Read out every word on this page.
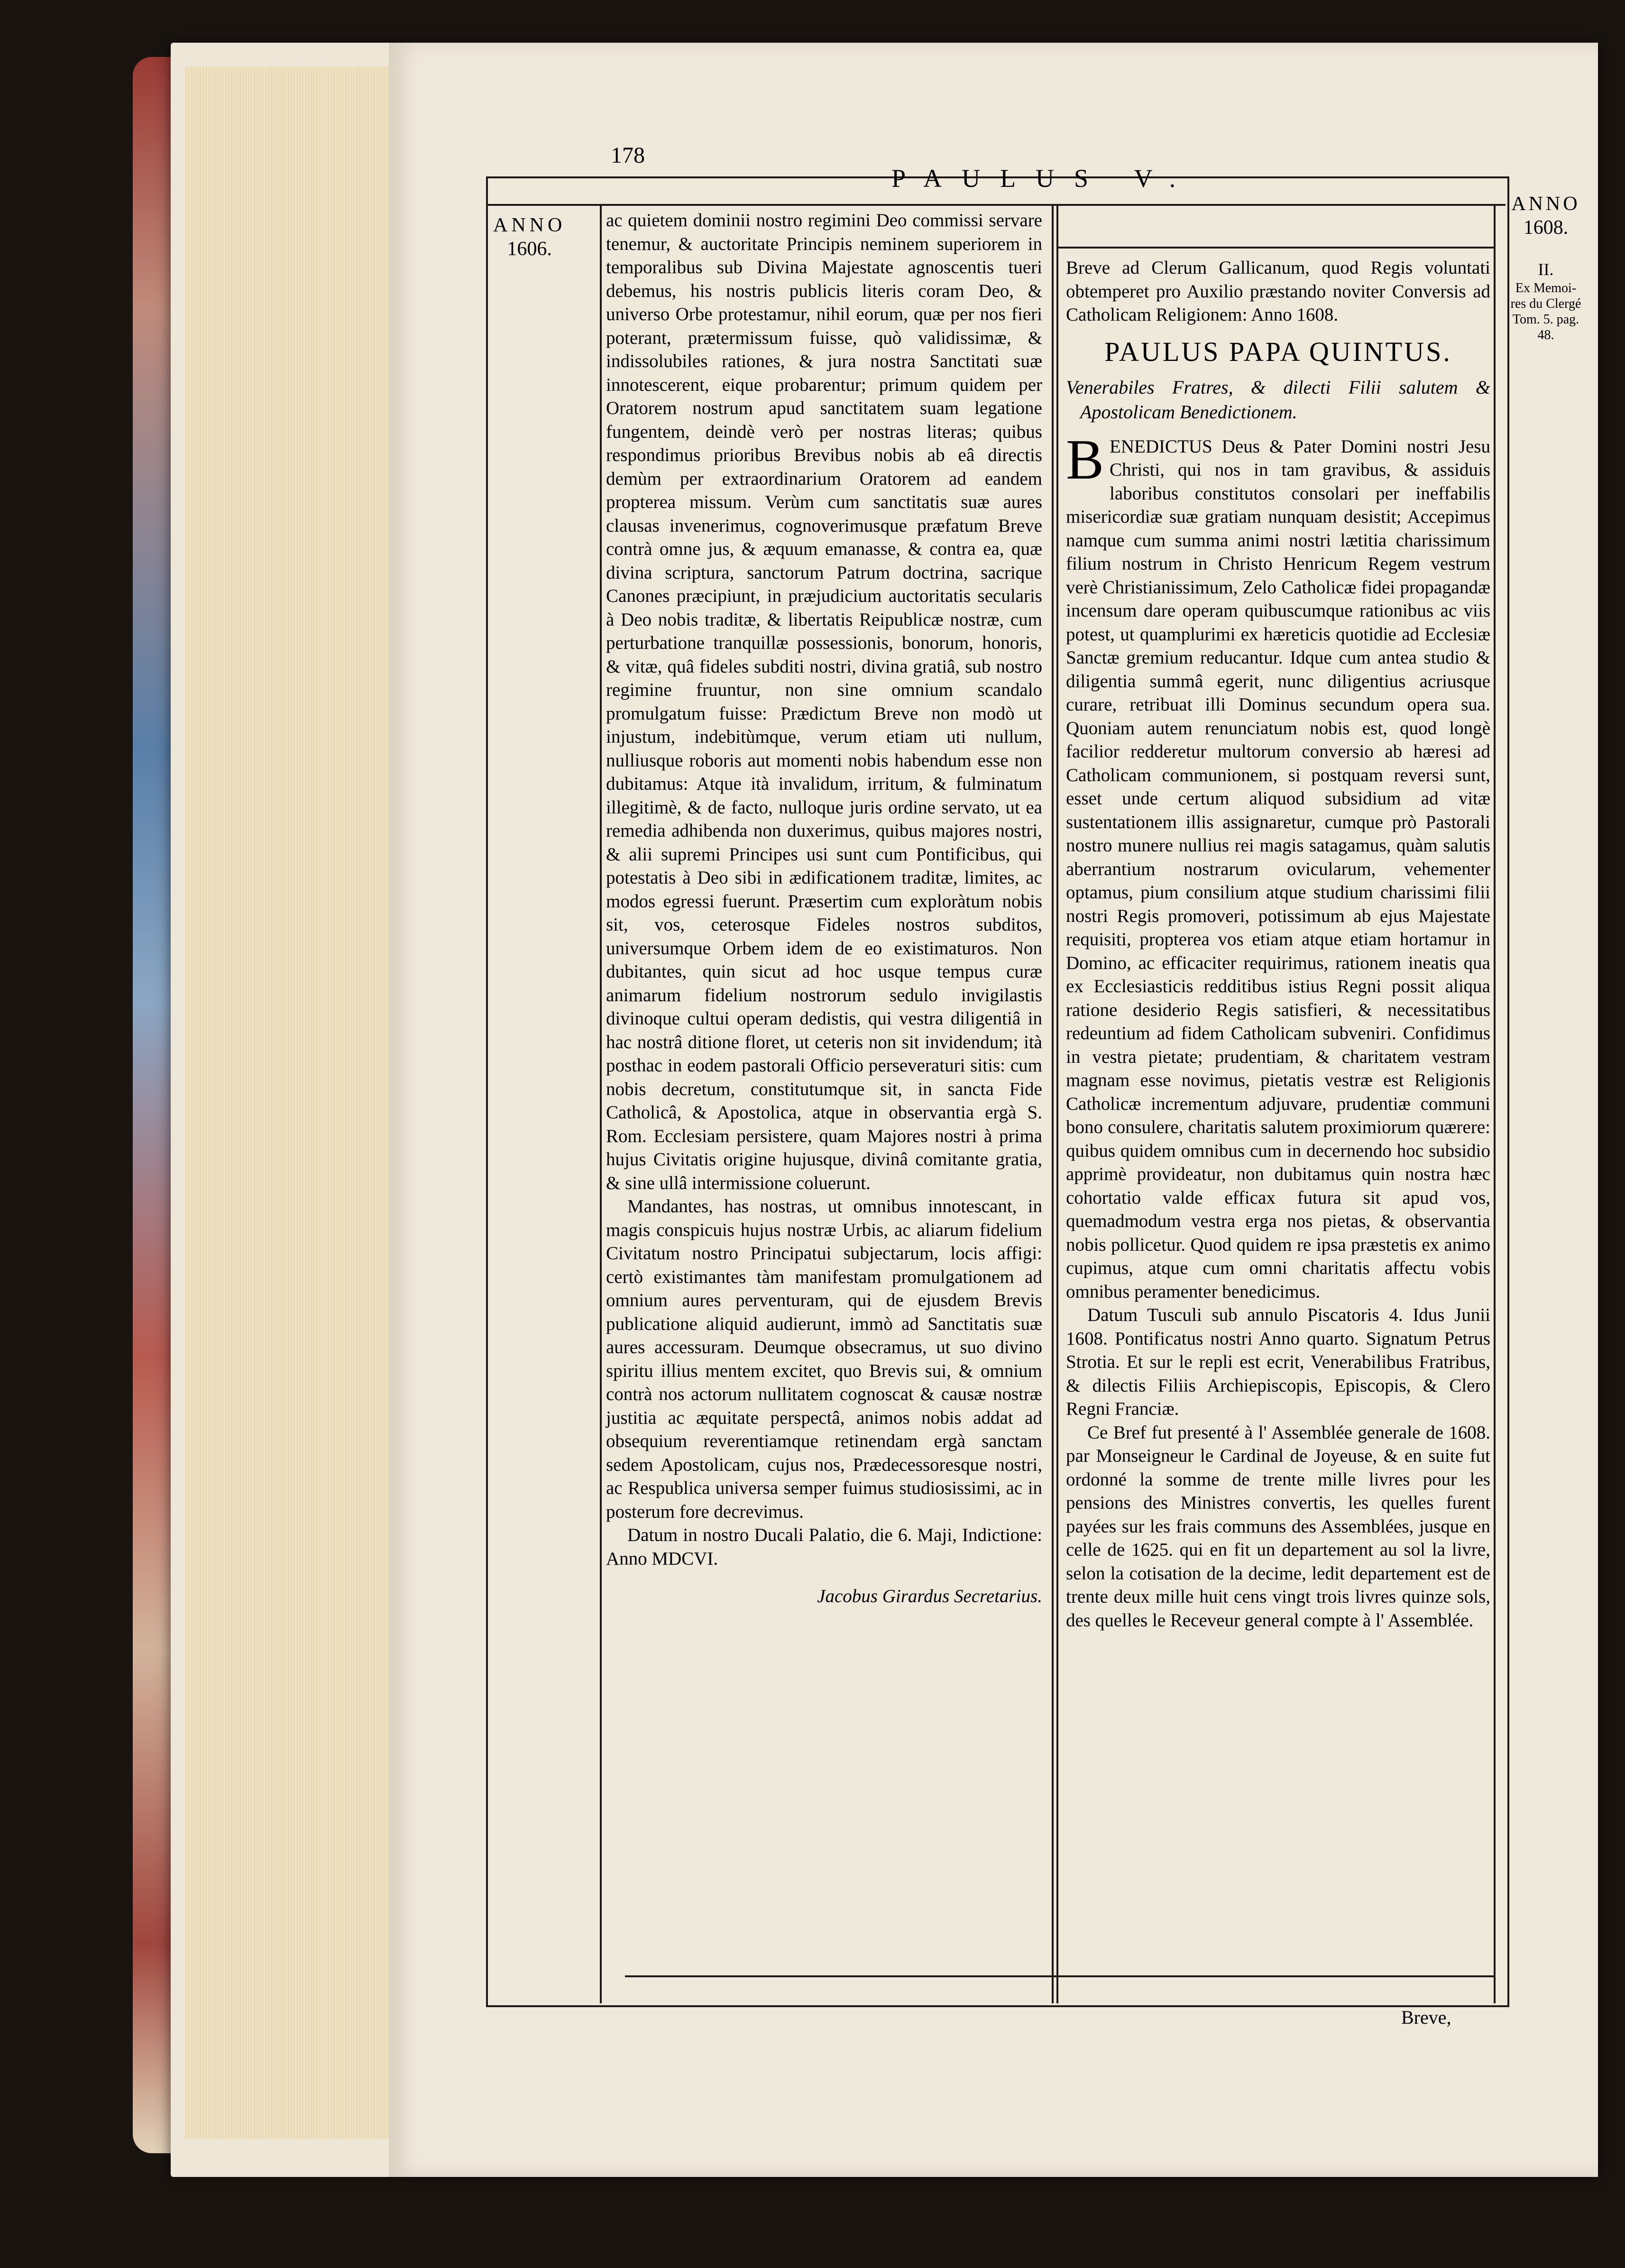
178
PAULUS V.
ANNO
1606.
ANNO
1608.
II.
Ex Memoi-
res du Clergé
Tom. 5. pag.
48.

ac quietem dominii nostro regimini Deo commissi servare tenemur, & auctoritate Principis neminem superiorem in temporalibus sub Divina Majestate agnoscentis tueri debemus, his nostris publicis literis coram Deo, & universo Orbe protestamur, nihil eorum, quæ per nos fieri poterant, prætermissum fuisse, quò validissimæ, & indissolubiles rationes, & jura nostra Sanctitati suæ innotescerent, eique probarentur; primum quidem per Oratorem nostrum apud sanctitatem suam legatione fungentem, deindè verò per nostras literas; quibus respondimus prioribus Brevibus nobis ab eâ directis demùm per extraordinarium Oratorem ad eandem propterea missum. Verùm cum sanctitatis suæ aures clausas invenerimus, cognoverimusque præfatum Breve contrà omne jus, & æquum emanasse, & contra ea, quæ divina scriptura, sanctorum Patrum doctrina, sacrique Canones præcipiunt, in præjudicium auctoritatis secularis à Deo nobis traditæ, & libertatis Reipublicæ nostræ, cum perturbatione tranquillæ possessionis, bonorum, honoris, & vitæ, quâ fideles subditi nostri, divina gratiâ, sub nostro regimine fruuntur, non sine omnium scandalo promulgatum fuisse: Prædictum Breve non modò ut injustum, indebitùmque, verum etiam uti nullum, nulliusque roboris aut momenti nobis habendum esse non dubitamus: Atque ità invalidum, irritum, & fulminatum illegitimè, & de facto, nulloque juris ordine servato, ut ea remedia adhibenda non duxerimus, quibus majores nostri, & alii supremi Principes usi sunt cum Pontificibus, qui potestatis à Deo sibi in ædificationem traditæ, limites, ac modos egressi fuerunt. Præsertim cum exploràtum nobis sit, vos, ceterosque Fideles nostros subditos, universumque Orbem idem de eo existimaturos. Non dubitantes, quin sicut ad hoc usque tempus curæ animarum fidelium nostrorum sedulo invigilastis divinoque cultui operam dedistis, qui vestra diligentiâ in hac nostrâ ditione floret, ut ceteris non sit invidendum; ità posthac in eodem pastorali Officio perseveraturi sitis: cum nobis decretum, constitutumque sit, in sancta Fide Catholicâ, & Apostolica, atque in observantia ergà S. Rom. Ecclesiam persistere, quam Majores nostri à prima hujus Civitatis origine hujusque, divinâ comitante gratia, & sine ullâ intermissione coluerunt.

Mandantes, has nostras, ut omnibus innotescant, in magis conspicuis hujus nostræ Urbis, ac aliarum fidelium Civitatum nostro Principatui subjectarum, locis affigi: certò existimantes tàm manifestam promulgationem ad omnium aures perventuram, qui de ejusdem Brevis publicatione aliquid audierunt, immò ad Sanctitatis suæ aures accessuram. Deumque obsecramus, ut suo divino spiritu illius mentem excitet, quo Brevis sui, & omnium contrà nos actorum nullitatem cognoscat & causæ nostræ justitia ac æquitate perspectâ, animos nobis addat ad obsequium reverentiamque retinendam ergà sanctam sedem Apostolicam, cujus nos, Prædecessoresque nostri, ac Respublica universa semper fuimus studiosissimi, ac in posterum fore decrevimus.

Datum in nostro Ducali Palatio, die 6. Maji, Indictione: Anno MDCVI.

Jacobus Girardus Secretarius.

Breve ad Clerum Gallicanum, quod Regis voluntati obtemperet pro Auxilio præstando noviter Conversis ad Catholicam Religionem: Anno 1608.

PAULUS PAPA QUINTUS.

Venerabiles Fratres, & dilecti Filii salutem & Apostolicam Benedictionem.

BENEDICTUS Deus & Pater Domini nostri Jesu Christi, qui nos in tam gravibus, & assiduis laboribus constitutos consolari per ineffabilis misericordiæ suæ gratiam nunquam desistit; Accepimus namque cum summa animi nostri lætitia charissimum filium nostrum in Christo Henricum Regem vestrum verè Christianissimum, Zelo Catholicæ fidei propagandæ incensum dare operam quibuscumque rationibus ac viis potest, ut quamplurimi ex hæreticis quotidie ad Ecclesiæ Sanctæ gremium reducantur. Idque cum antea studio & diligentia summâ egerit, nunc diligentius acriusque curare, retribuat illi Dominus secundum opera sua. Quoniam autem renunciatum nobis est, quod longè facilior redderetur multorum conversio ab hæresi ad Catholicam communionem, si postquam reversi sunt, esset unde certum aliquod subsidium ad vitæ sustentationem illis assignaretur, cumque prò Pastorali nostro munere nullius rei magis satagamus, quàm salutis aberrantium nostrarum ovicularum, vehementer optamus, pium consilium atque studium charissimi filii nostri Regis promoveri, potissimum ab ejus Majestate requisiti, propterea vos etiam atque etiam hortamur in Domino, ac efficaciter requirimus, rationem ineatis qua ex Ecclesiasticis redditibus istius Regni possit aliqua ratione desiderio Regis satisfieri, & necessitatibus redeuntium ad fidem Catholicam subveniri. Confidimus in vestra pietate; prudentiam, & charitatem vestram magnam esse novimus, pietatis vestræ est Religionis Catholicæ incrementum adjuvare, prudentiæ communi bono consulere, charitatis salutem proximiorum quærere: quibus quidem omnibus cum in decernendo hoc subsidio apprimè provideatur, non dubitamus quin nostra hæc cohortatio valde efficax futura sit apud vos, quemadmodum vestra erga nos pietas, & observantia nobis pollicetur. Quod quidem re ipsa præstetis ex animo cupimus, atque cum omni charitatis affectu vobis omnibus peramenter benedicimus.

Datum Tusculi sub annulo Piscatoris 4. Idus Junii 1608. Pontificatus nostri Anno quarto. Signatum Petrus Strotia. Et sur le repli est ecrit, Venerabilibus Fratribus, & dilectis Filiis Archiepiscopis, Episcopis, & Clero Regni Franciæ.

Ce Bref fut presenté à l' Assemblée generale de 1608. par Monseigneur le Cardinal de Joyeuse, & en suite fut ordonné la somme de trente mille livres pour les pensions des Ministres convertis, les quelles furent payées sur les frais communs des Assemblées, jusque en celle de 1625. qui en fit un departement au sol la livre, selon la cotisation de la decime, ledit departement est de trente deux mille huit cens vingt trois livres quinze sols, des quelles le Receveur general compte à l' Assemblée.

Breve,
